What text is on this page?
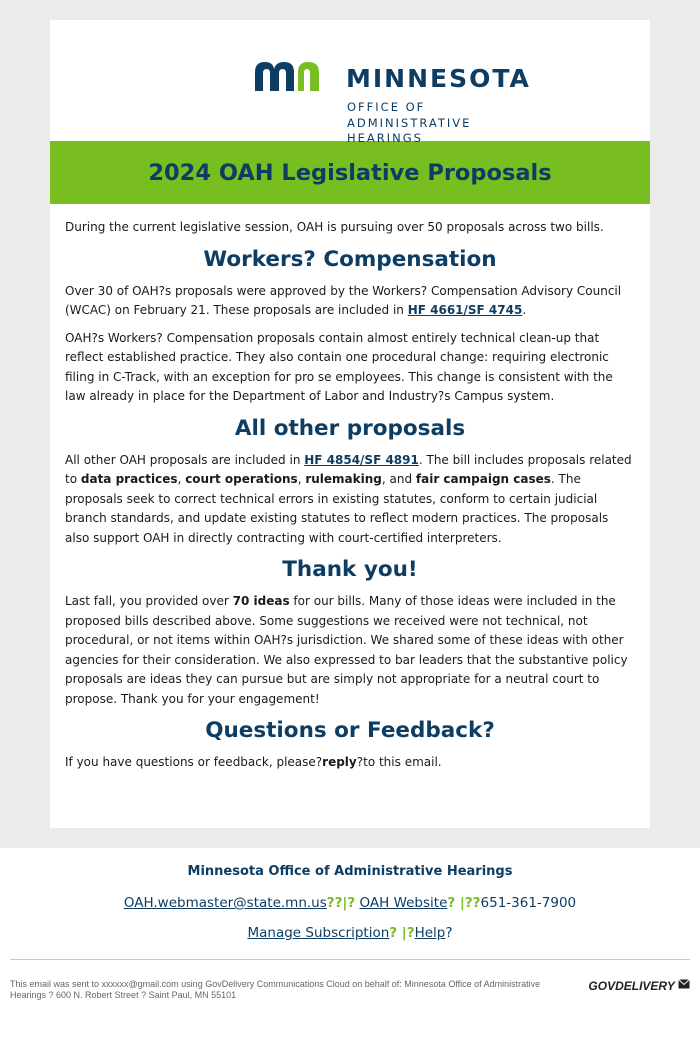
MINNESOTA
OFFICE OF
ADMINISTRATIVE
HEARINGS
2024 OAH Legislative Proposals

During the current legislative session, OAH is pursuing over 50 proposals across two bills.

Workers? Compensation

Over 30 of OAH?s proposals were approved by the Workers? Compensation Advisory Council (WCAC) on February 21. These proposals are included in HF 4661/SF 4745.

OAH?s Workers? Compensation proposals contain almost entirely technical clean-up that reflect established practice. They also contain one procedural change: requiring electronic filing in C-Track, with an exception for pro se employees. This change is consistent with the law already in place for the Department of Labor and Industry?s Campus system.

All other proposals

All other OAH proposals are included in HF 4854/SF 4891. The bill includes proposals related to data practices, court operations, rulemaking, and fair campaign cases. The proposals seek to correct technical errors in existing statutes, conform to certain judicial branch standards, and update existing statutes to reflect modern practices. The proposals also support OAH in directly contracting with court-certified interpreters.

Thank you!

Last fall, you provided over 70 ideas for our bills. Many of those ideas were included in the proposed bills described above. Some suggestions we received were not technical, not procedural, or not items within OAH?s jurisdiction. We shared some of these ideas with other agencies for their consideration. We also expressed to bar leaders that the substantive policy proposals are ideas they can pursue but are simply not appropriate for a neutral court to propose. Thank you for your engagement!

Questions or Feedback?

If you have questions or feedback, please?reply?to this email.

Minnesota Office of Administrative Hearings
OAH.webmaster@state.mn.us??|? OAH Website? |??651-361-7900
Manage Subscription? |?Help?
This email was sent to xxxxxx@gmail.com using GovDelivery Communications Cloud on behalf of: Minnesota Office of Administrative Hearings ? 600 N. Robert Street ? Saint Paul, MN 55101
GOVDELIVERY
